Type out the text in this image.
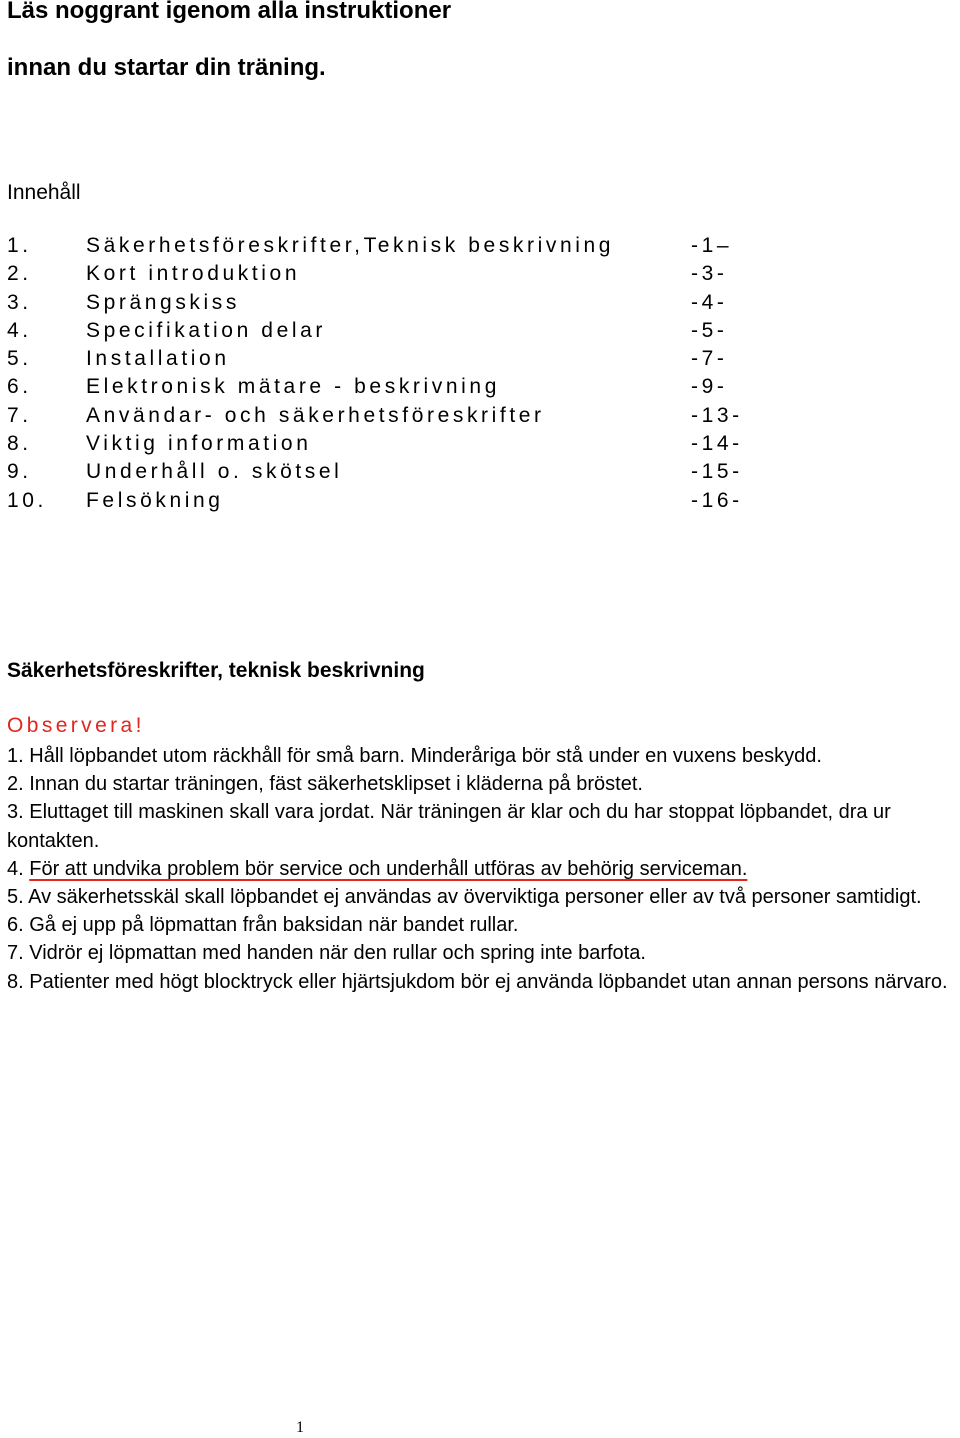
Läs noggrant igenom alla instruktioner
innan du startar din träning.
Innehåll
1.	Säkerhetsföreskrifter,Teknisk beskrivning	-1–
2.	Kort introduktion	-3-
3.	Sprängskiss	-4-
4.	Specifikation delar	-5-
5.	Installation	-7-
6.	Elektronisk mätare - beskrivning	-9-
7.	Användar- och säkerhetsföreskrifter	-13-
8.	Viktig information	-14-
9.	Underhåll o. skötsel	-15-
10. Felsökning	-16-
Säkerhetsföreskrifter, teknisk beskrivning
Observera!
1. Håll löpbandet utom räckhåll för små barn. Minderåriga bör stå under en vuxens beskydd.
2. Innan du startar träningen, fäst säkerhetsklipset i kläderna på bröstet.
3. Eluttaget till maskinen skall vara jordat. När träningen är klar och du har stoppat löpbandet, dra ur kontakten.
4. För att undvika problem bör service och underhåll utföras av behörig serviceman.
5. Av säkerhetsskäl skall löpbandet ej användas av överviktiga personer eller av två personer samtidigt.
6. Gå ej upp på löpmattan från baksidan när bandet rullar.
7. Vidrör ej löpmattan med handen när den rullar och spring inte barfota.
8. Patienter med högt blocktryck eller hjärtsjukdom bör ej använda löpbandet utan annan persons närvaro.
1
